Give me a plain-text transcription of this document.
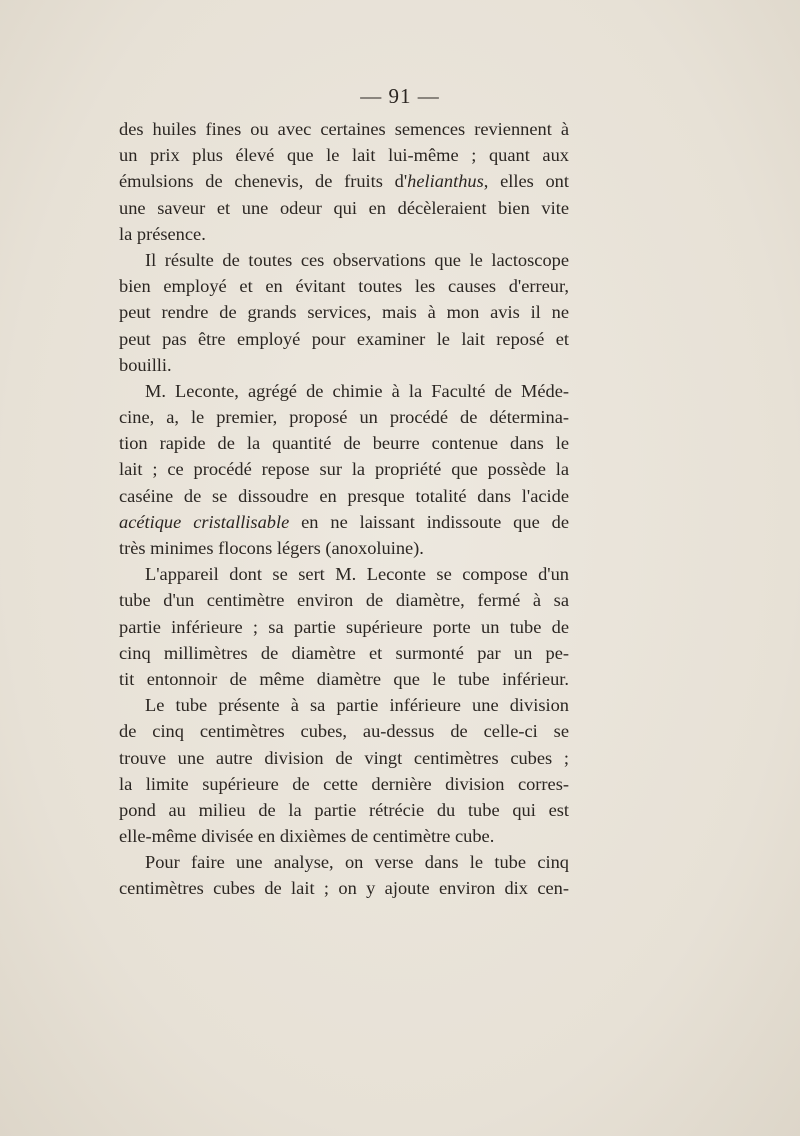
— 91 —

des huiles fines ou avec certaines semences reviennent à
un prix plus élevé que le lait lui-même ; quant aux
émulsions de chenevis, de fruits d'helianthus, elles ont
une saveur et une odeur qui en décèleraient bien vite
la présence.
Il résulte de toutes ces observations que le lactoscope
bien employé et en évitant toutes les causes d'erreur,
peut rendre de grands services, mais à mon avis il ne
peut pas être employé pour examiner le lait reposé et
bouilli.
M. Leconte, agrégé de chimie à la Faculté de Méde-
cine, a, le premier, proposé un procédé de détermina-
tion rapide de la quantité de beurre contenue dans le
lait ; ce procédé repose sur la propriété que possède la
caséine de se dissoudre en presque totalité dans l'acide
acétique cristallisable en ne laissant indissoute que de
très minimes flocons légers (anoxoluine).
L'appareil dont se sert M. Leconte se compose d'un
tube d'un centimètre environ de diamètre, fermé à sa
partie inférieure ; sa partie supérieure porte un tube de
cinq millimètres de diamètre et surmonté par un pe-
tit entonnoir de même diamètre que le tube inférieur.
Le tube présente à sa partie inférieure une division
de cinq centimètres cubes, au-dessus de celle-ci se
trouve une autre division de vingt centimètres cubes ;
la limite supérieure de cette dernière division corres-
pond au milieu de la partie rétrécie du tube qui est
elle-même divisée en dixièmes de centimètre cube.
Pour faire une analyse, on verse dans le tube cinq
centimètres cubes de lait ; on y ajoute environ dix cen-
